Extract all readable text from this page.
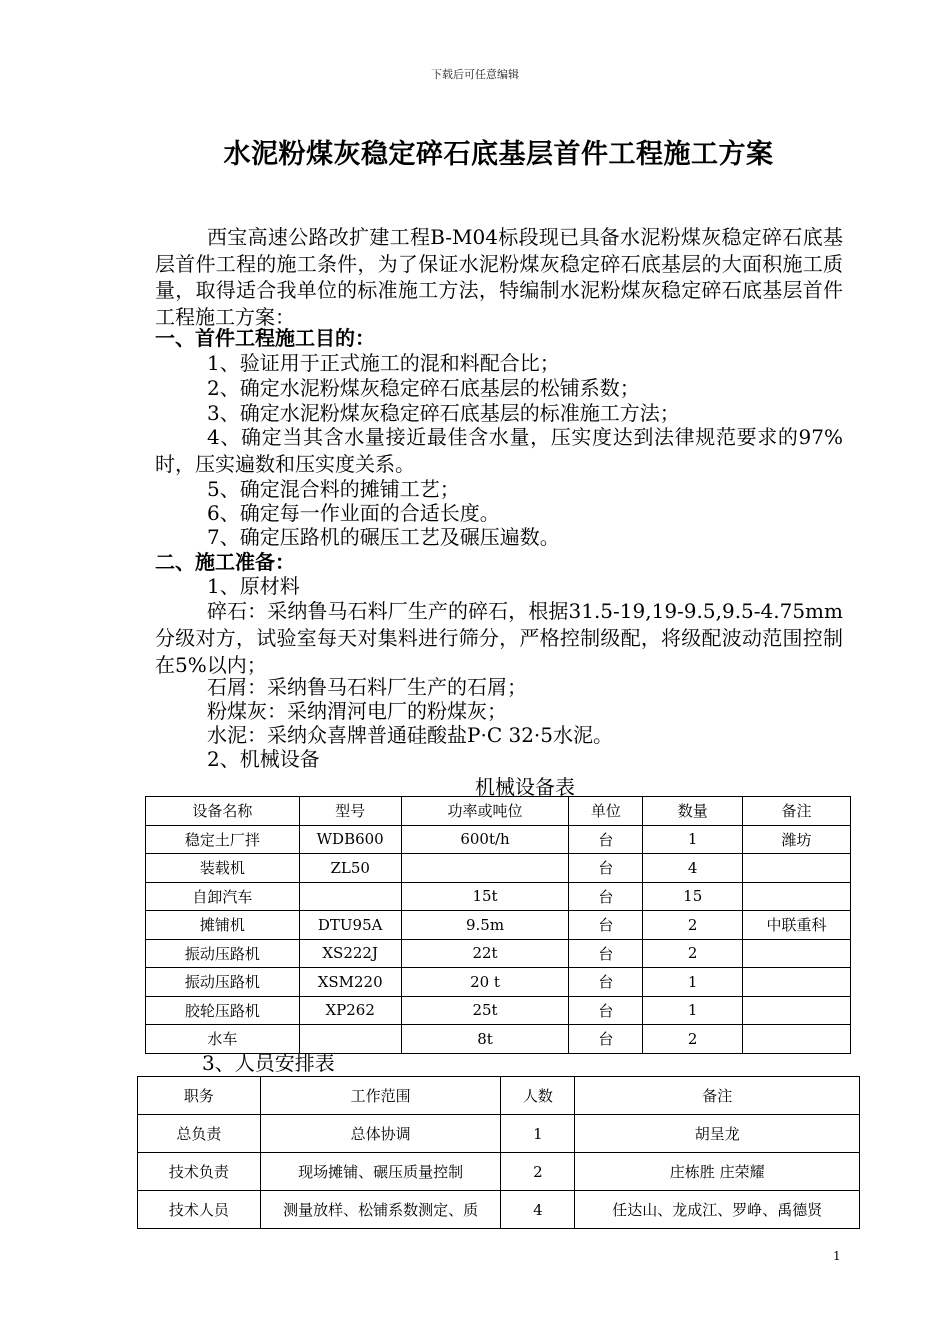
下载后可任意编辑
水泥粉煤灰稳定碎石底基层首件工程施工方案
西宝高速公路改扩建工程B-M04标段现已具备水泥粉煤灰稳定碎石底基层首件工程的施工条件，为了保证水泥粉煤灰稳定碎石底基层的大面积施工质量，取得适合我单位的标准施工方法，特编制水泥粉煤灰稳定碎石底基层首件工程施工方案：
一、首件工程施工目的：
1、验证用于正式施工的混和料配合比；
2、确定水泥粉煤灰稳定碎石底基层的松铺系数；
3、确定水泥粉煤灰稳定碎石底基层的标准施工方法；
4、确定当其含水量接近最佳含水量，压实度达到法律规范要求的97%时，压实遍数和压实度关系。
5、确定混合料的摊铺工艺；
6、确定每一作业面的合适长度。
7、确定压路机的碾压工艺及碾压遍数。
二、施工准备：
1、原材料
碎石：采纳鲁马石料厂生产的碎石，根据31.5-19,19-9.5,9.5-4.75mm分级对方，试验室每天对集料进行筛分，严格控制级配，将级配波动范围控制在5%以内；
石屑：采纳鲁马石料厂生产的石屑；
粉煤灰：采纳渭河电厂的粉煤灰；
水泥：采纳众喜牌普通硅酸盐P·C 32·5水泥。
2、机械设备
机械设备表
设备名称	型号	功率或吨位	单位	数量	备注
稳定土厂拌	WDB600	600t/h	台	1	潍坊
装载机	ZL50		台	4	
自卸汽车		15t	台	15	
摊铺机	DTU95A	9.5m	台	2	中联重科
振动压路机	XS222J	22t	台	2	
振动压路机	XSM220	20 t	台	1	
胶轮压路机	XP262	25t	台	1	
水车		8t	台	2	
3、人员安排表
职务	工作范围	人数	备注
总负责	总体协调	1	胡呈龙
技术负责	现场摊铺、碾压质量控制	2	庄栋胜 庄荣耀
技术人员	测量放样、松铺系数测定、质	4	任达山、龙成江、罗峥、禹德贤
1
